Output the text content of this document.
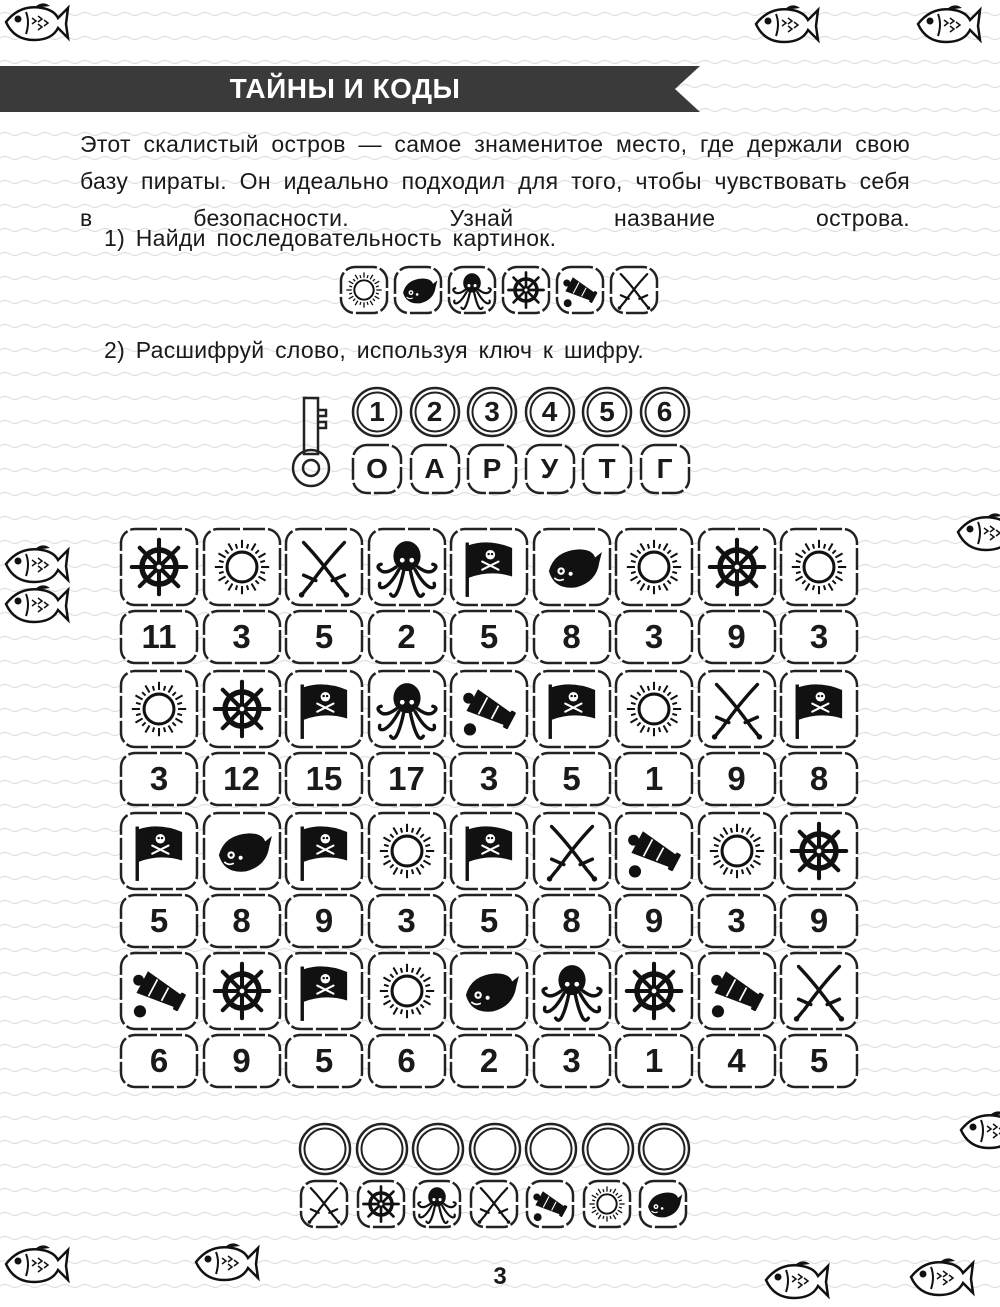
ТАЙНЫ И КОДЫ
Этот скалистый остров — самое знаменитое место, где держали свою базу пираты. Он идеально подходил для того, чтобы чувствовать себя в безопасности. Узнай название острова.
1) Найди последовательность картинок.
2) Расшифруй слово, используя ключ к шифру.
1	2	3	4	5	6
О	А	Р	У	Т	Г
11	3	5	2	5	8	3	9	3
3	12	15	17	3	5	1	9	8
5	8	9	3	5	8	9	3	9
6	9	5	6	2	3	1	4	5
3
